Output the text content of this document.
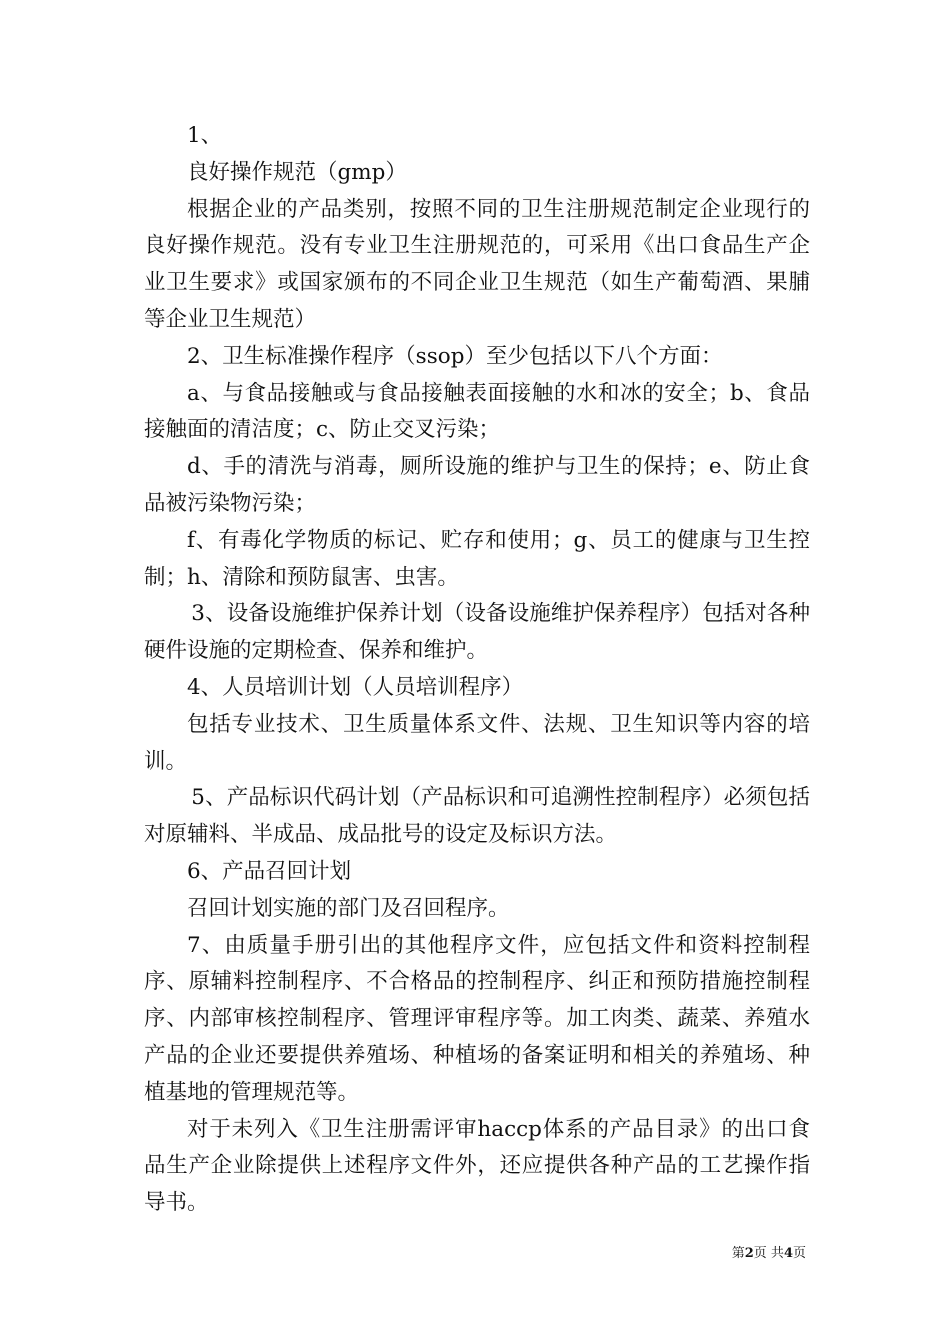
1、

良好操作规范（gmp）

根据企业的产品类别，按照不同的卫生注册规范制定企业现行的良好操作规范。没有专业卫生注册规范的，可采用《出口食品生产企业卫生要求》或国家颁布的不同企业卫生规范（如生产葡萄酒、果脯等企业卫生规范）

2、卫生标准操作程序（ssop）至少包括以下八个方面：

a、与食品接触或与食品接触表面接触的水和冰的安全；b、食品接触面的清洁度；c、防止交叉污染；

d、手的清洗与消毒，厕所设施的维护与卫生的保持；e、防止食品被污染物污染；

f、有毒化学物质的标记、贮存和使用；g、员工的健康与卫生控制；h、清除和预防鼠害、虫害。

3、设备设施维护保养计划（设备设施维护保养程序）包括对各种硬件设施的定期检查、保养和维护。

4、人员培训计划（人员培训程序）

包括专业技术、卫生质量体系文件、法规、卫生知识等内容的培训。

5、产品标识代码计划（产品标识和可追溯性控制程序）必须包括对原辅料、半成品、成品批号的设定及标识方法。

6、产品召回计划

召回计划实施的部门及召回程序。

7、由质量手册引出的其他程序文件，应包括文件和资料控制程序、原辅料控制程序、不合格品的控制程序、纠正和预防措施控制程序、内部审核控制程序、管理评审程序等。加工肉类、蔬菜、养殖水产品的企业还要提供养殖场、种植场的备案证明和相关的养殖场、种植基地的管理规范等。

对于未列入《卫生注册需评审haccp体系的产品目录》的出口食品生产企业除提供上述程序文件外，还应提供各种产品的工艺操作指导书。

第2页 共4页
